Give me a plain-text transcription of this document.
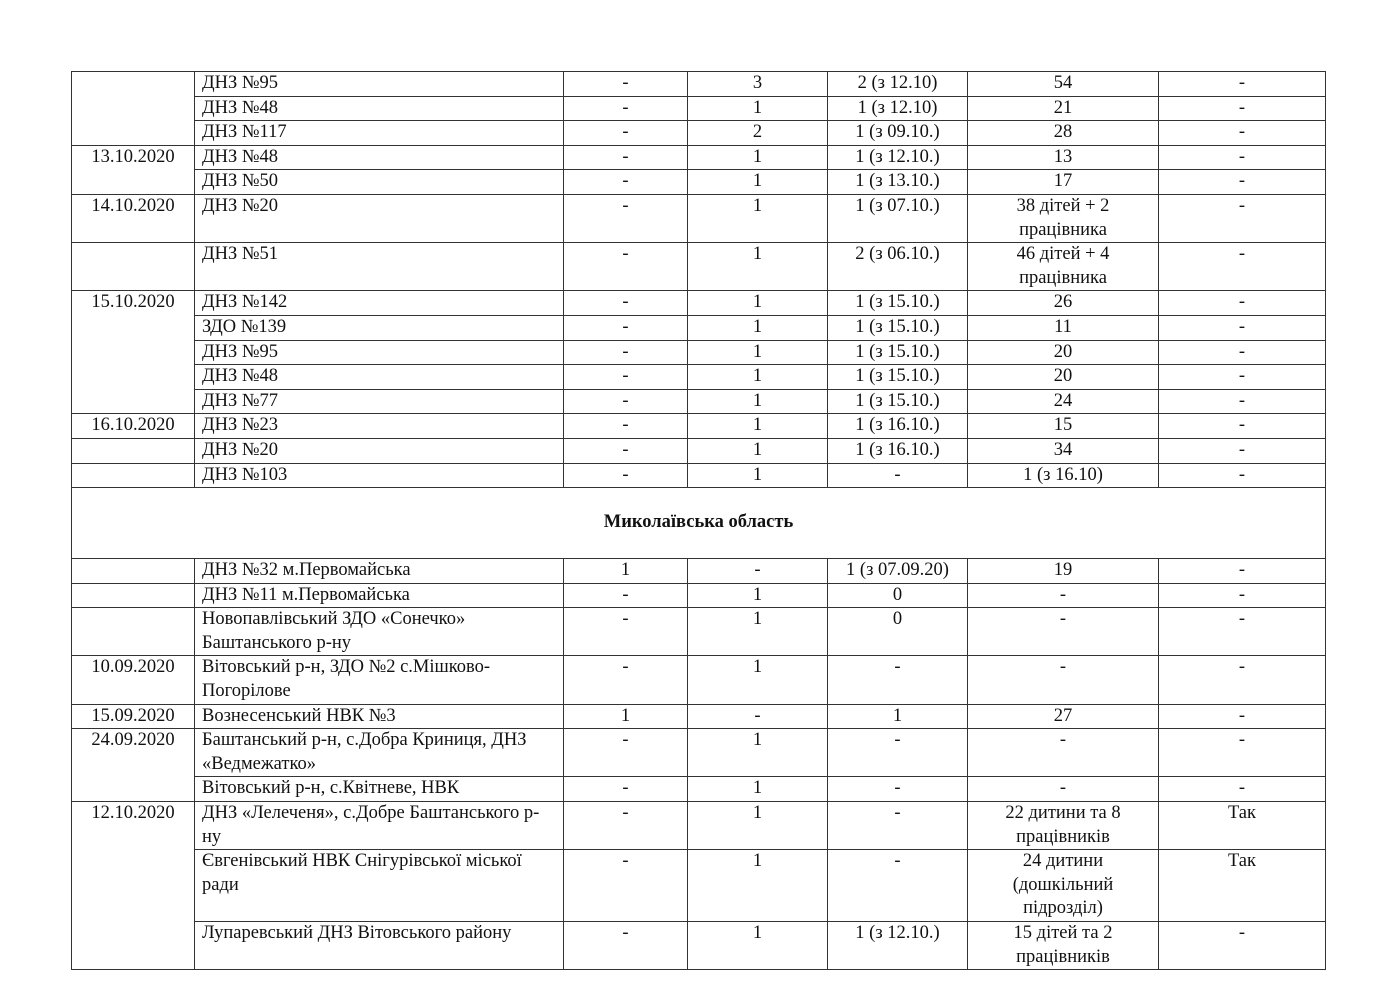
	ДНЗ №95	-	3	2 (з 12.10)	54	-
	ДНЗ №48	-	1	1 (з 12.10)	21	-
	ДНЗ №117	-	2	1 (з 09.10.)	28	-
13.10.2020	ДНЗ №48	-	1	1 (з 12.10.)	13	-
	ДНЗ №50	-	1	1 (з 13.10.)	17	-
14.10.2020	ДНЗ №20	-	1	1 (з 07.10.)	38 дітей + 2 працівника	-
	ДНЗ №51	-	1	2 (з 06.10.)	46 дітей + 4 працівника	-
15.10.2020	ДНЗ №142	-	1	1 (з 15.10.)	26	-
	ЗДО №139	-	1	1 (з 15.10.)	11	-
	ДНЗ №95	-	1	1 (з 15.10.)	20	-
	ДНЗ №48	-	1	1 (з 15.10.)	20	-
	ДНЗ №77	-	1	1 (з 15.10.)	24	-
16.10.2020	ДНЗ №23	-	1	1 (з 16.10.)	15	-
	ДНЗ №20	-	1	1 (з 16.10.)	34	-
	ДНЗ №103	-	1	-	1 (з 16.10)	-
Миколаївська область						
	ДНЗ №32 м.Первомайська	1	-	1 (з 07.09.20)	19	-
	ДНЗ №11 м.Первомайська	-	1	0	-	-
	Новопавлівський ЗДО «Сонечко» Баштанського р-ну	-	1	0	-	-
10.09.2020	Вітовський р-н, ЗДО №2 с.Мішково-Погорілове	-	1	-	-	-
15.09.2020	Вознесенський НВК №3	1	-	1	27	-
24.09.2020	Баштанський р-н, с.Добра Криниця, ДНЗ «Ведмежатко»	-	1	-	-	-
	Вітовський р-н, с.Квітневе, НВК	-	1	-	-	-
12.10.2020	ДНЗ «Лелеченя», с.Добре Баштанського р-ну	-	1	-	22 дитини та 8 працівників	Так
	Євгенівський НВК Снігурівської міської ради	-	1	-	24 дитини (дошкільний підрозділ)	Так
	Лупаревський ДНЗ Вітовського району	-	1	1 (з 12.10.)	15 дітей та 2 працівників	-
